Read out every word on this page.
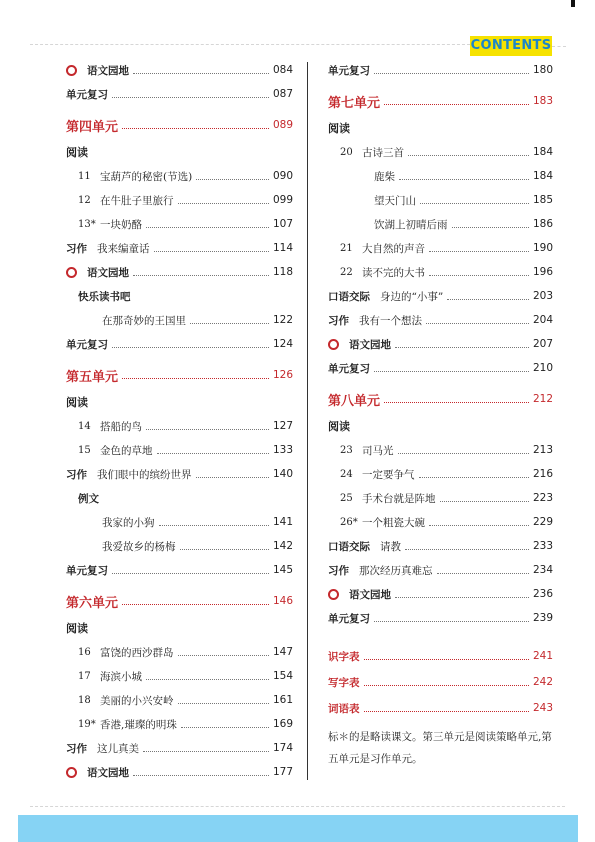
CONTENTS
语文园地	084
单元复习	087
第四单元	089
阅读
11 宝葫芦的秘密(节选)	090
12 在牛肚子里旅行	099
13* 一块奶酪	107
习作 我来编童话	114
语文园地	118
快乐读书吧
在那奇妙的王国里	122
单元复习	124
第五单元	126
阅读
14 搭船的鸟	127
15 金色的草地	133
习作 我们眼中的缤纷世界	140
例文
我家的小狗	141
我爱故乡的杨梅	142
单元复习	145
第六单元	146
阅读
16 富饶的西沙群岛	147
17 海滨小城	154
18 美丽的小兴安岭	161
19* 香港,璀璨的明珠	169
习作 这儿真美	174
语文园地	177
单元复习	180
第七单元	183
阅读
20 古诗三首	184
鹿柴	184
望天门山	185
饮湖上初晴后雨	186
21 大自然的声音	190
22 读不完的大书	196
口语交际 身边的“小事”	203
习作 我有一个想法	204
语文园地	207
单元复习	210
第八单元	212
阅读
23 司马光	213
24 一定要争气	216
25 手术台就是阵地	223
26* 一个粗瓷大碗	229
口语交际 请教	233
习作 那次经历真难忘	234
语文园地	236
单元复习	239
识字表	241
写字表	242
词语表	243
标＊的是略读课文。第三单元是阅读策略单元,第五单元是习作单元。
